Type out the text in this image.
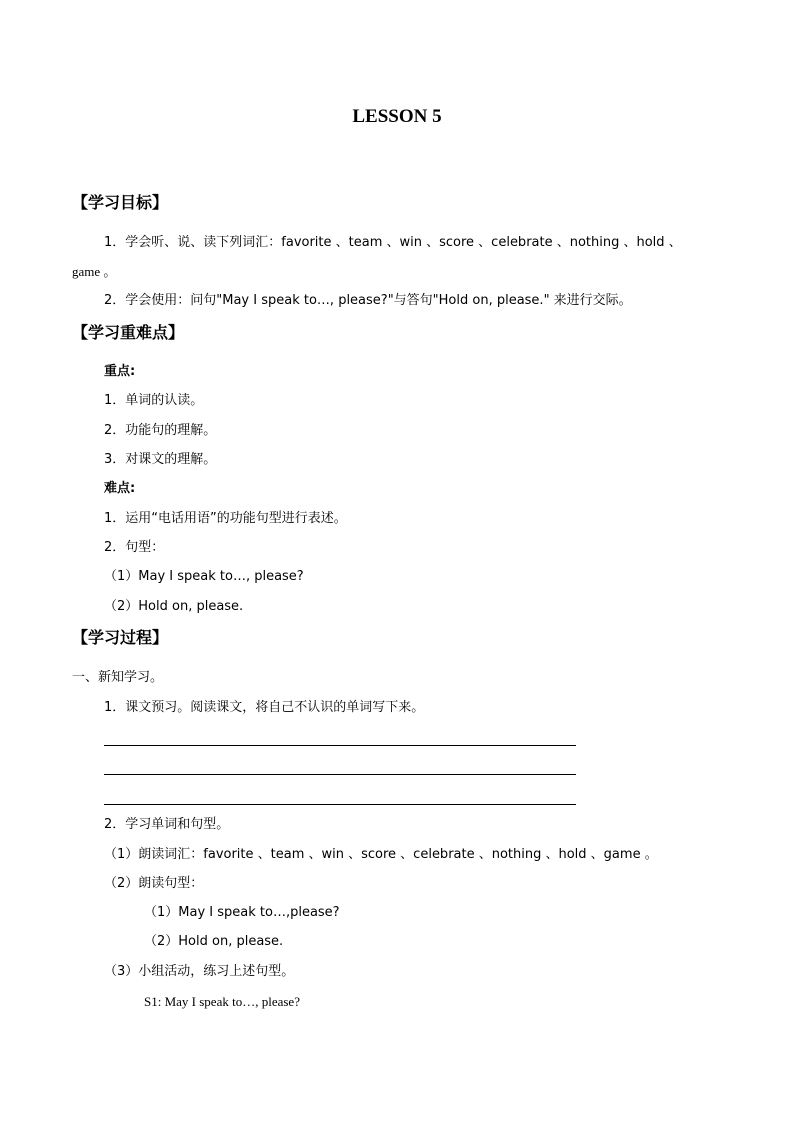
LESSON 5
【学习目标】
1．学会听、说、读下列词汇：favorite 、team 、win 、score 、celebrate 、nothing 、hold 、
game 。
2．学会使用：问句"May I speak to…, please?"与答句"Hold on, please." 来进行交际。
【学习重难点】
重点:
1．单词的认读。
2．功能句的理解。
3．对课文的理解。
难点:
1．运用“电话用语”的功能句型进行表述。
2．句型：
（1）May I speak to…, please?
（2）Hold on, please.
【学习过程】
一、新知学习。
1．课文预习。阅读课文，将自己不认识的单词写下来。
2．学习单词和句型。
（1）朗读词汇：favorite 、team 、win 、score 、celebrate 、nothing 、hold 、game 。
（2）朗读句型：
（1）May I speak to…,please?
（2）Hold on, please.
（3）小组活动，练习上述句型。
S1: May I speak to…, please?
